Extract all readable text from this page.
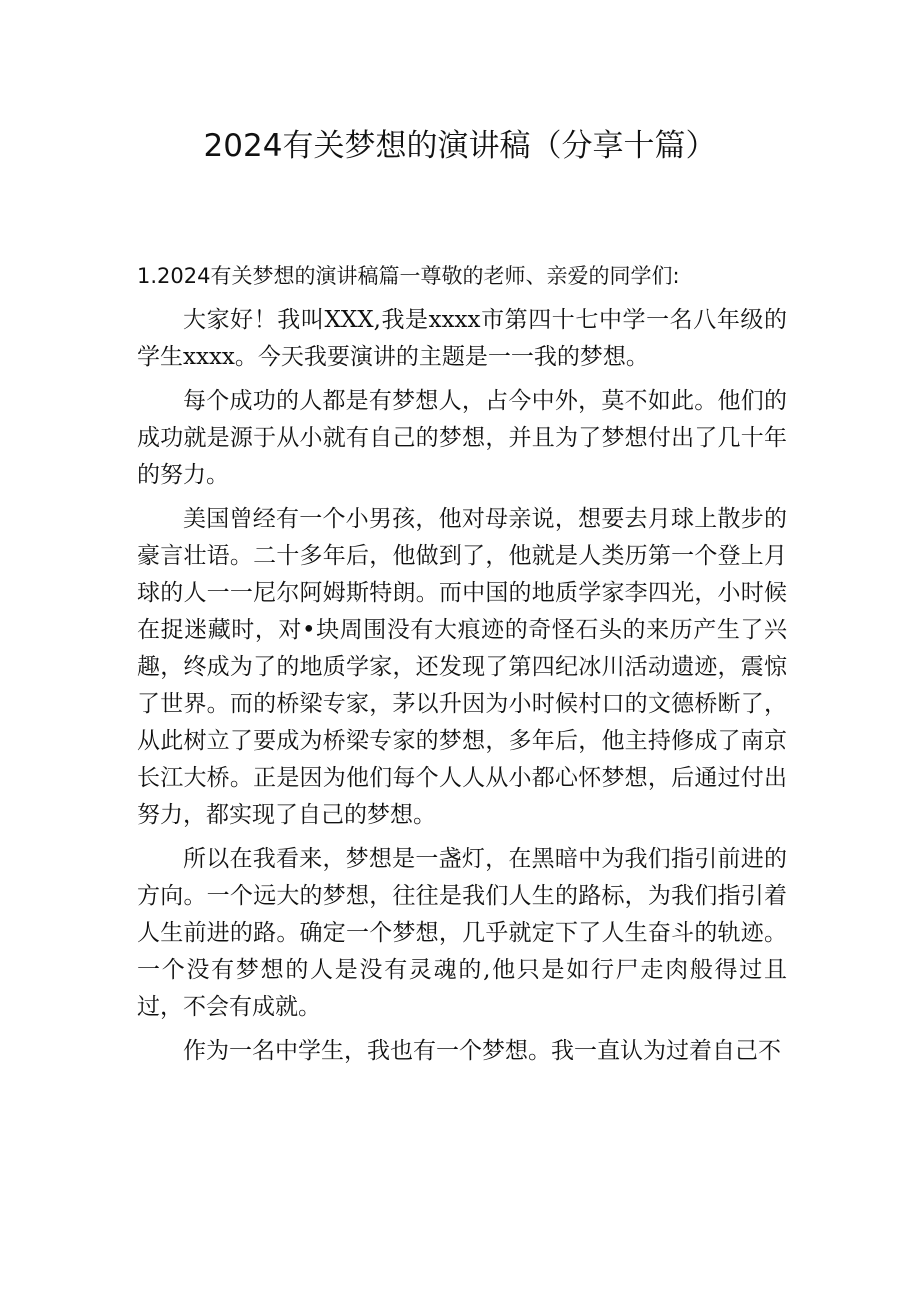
2024有关梦想的演讲稿（分享十篇）

1.2024有关梦想的演讲稿篇一尊敬的老师、亲爱的同学们:

大家好！我叫XXX,我是xxxx市第四十七中学一名八年级的学生xxxx。今天我要演讲的主题是一一我的梦想。

每个成功的人都是有梦想人，占今中外，莫不如此。他们的成功就是源于从小就有自己的梦想，并且为了梦想付出了几十年的努力。

美国曾经有一个小男孩，他对母亲说，想要去月球上散步的豪言壮语。二十多年后，他做到了，他就是人类历第一个登上月球的人一一尼尔阿姆斯特朗。而中国的地质学家李四光，小时候在捉迷藏时，对•块周围没有大痕迹的奇怪石头的来历产生了兴趣，终成为了的地质学家，还发现了第四纪冰川活动遗迹，震惊了世界。而的桥梁专家，茅以升因为小时候村口的文德桥断了，从此树立了要成为桥梁专家的梦想，多年后，他主持修成了南京长江大桥。正是因为他们每个人人从小都心怀梦想，后通过付出努力，都实现了自己的梦想。

所以在我看来，梦想是一盏灯，在黑暗中为我们指引前进的方向。一个远大的梦想，往往是我们人生的路标，为我们指引着人生前进的路。确定一个梦想，几乎就定下了人生奋斗的轨迹。一个没有梦想的人是没有灵魂的,他只是如行尸走肉般得过且过，不会有成就。

作为一名中学生，我也有一个梦想。我一直认为过着自己不
